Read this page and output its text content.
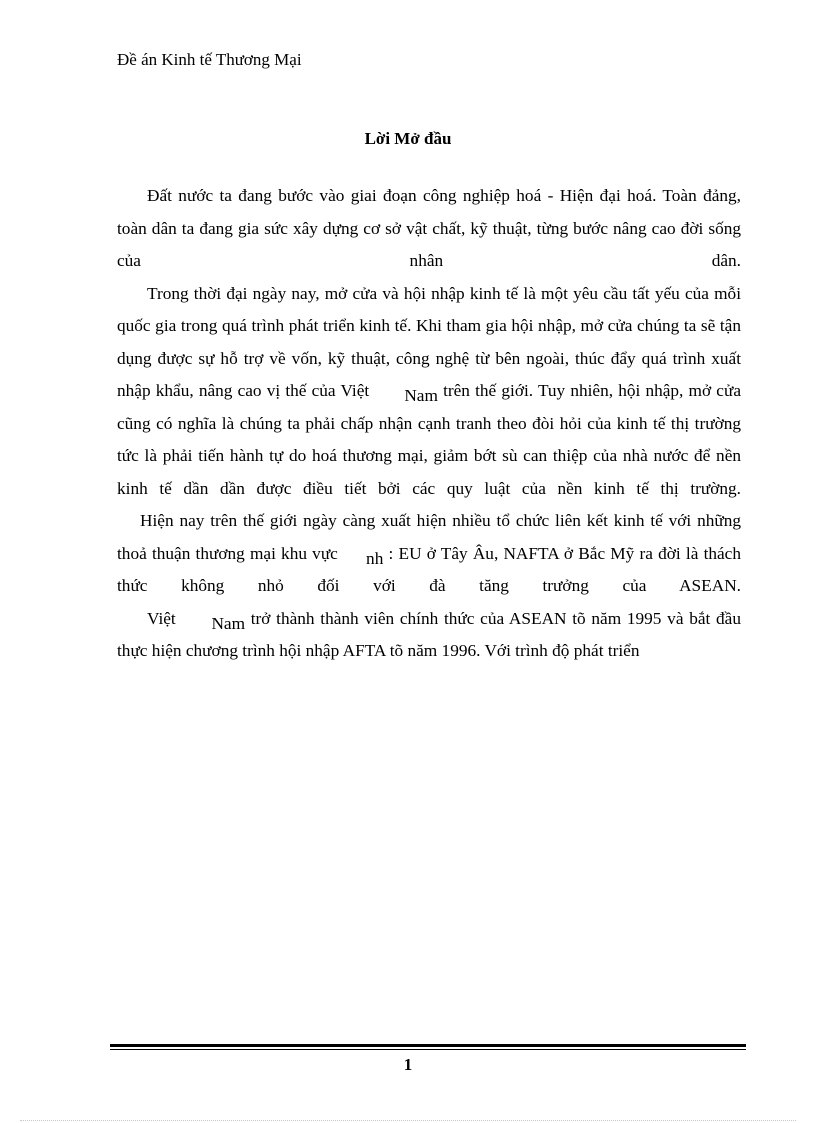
Đề án Kinh tế Thương Mại
Lời Mở đầu

Đất nước ta đang bước vào giai đoạn công nghiệp hoá - Hiện đại hoá. Toàn đảng, toàn dân ta đang gia sức xây dựng cơ sở vật chất, kỹ thuật, từng bước nâng cao đời sống của nhân dân.

Trong thời đại ngày nay, mở cửa và hội nhập kinh tế là một yêu cầu tất yếu của mỗi quốc gia trong quá trình phát triển kinh tế. Khi tham gia hội nhập, mở cửa chúng ta sẽ tận dụng được sự hỗ trợ về vốn, kỹ thuật, công nghệ từ bên ngoài, thúc đẩy quá trình xuất nhập khẩu, nâng cao vị thế của Việt Nam trên thế giới. Tuy nhiên, hội nhập, mở cửa cũng có nghĩa là chúng ta phải chấp nhận cạnh tranh theo đòi hỏi của kinh tế thị trường tức là phải tiến hành tự do hoá thương mại, giảm bớt sù can thiệp của nhà nước để nền kinh tế dần dần được điều tiết bởi các quy luật của nền kinh tế thị trường.

Hiện nay trên thế giới ngày càng xuất hiện nhiều tổ chức liên kết kinh tế với những thoả thuận thương mại khu vực nh : EU ở Tây Âu, NAFTA ở Bắc Mỹ ra đời là thách thức không nhỏ đối với đà tăng trưởng của ASEAN.

Việt Nam trở thành thành viên chính thức của ASEAN tõ năm 1995 và bắt đầu thực hiện chương trình hội nhập AFTA tõ năm 1996. Với trình độ phát triển

1
